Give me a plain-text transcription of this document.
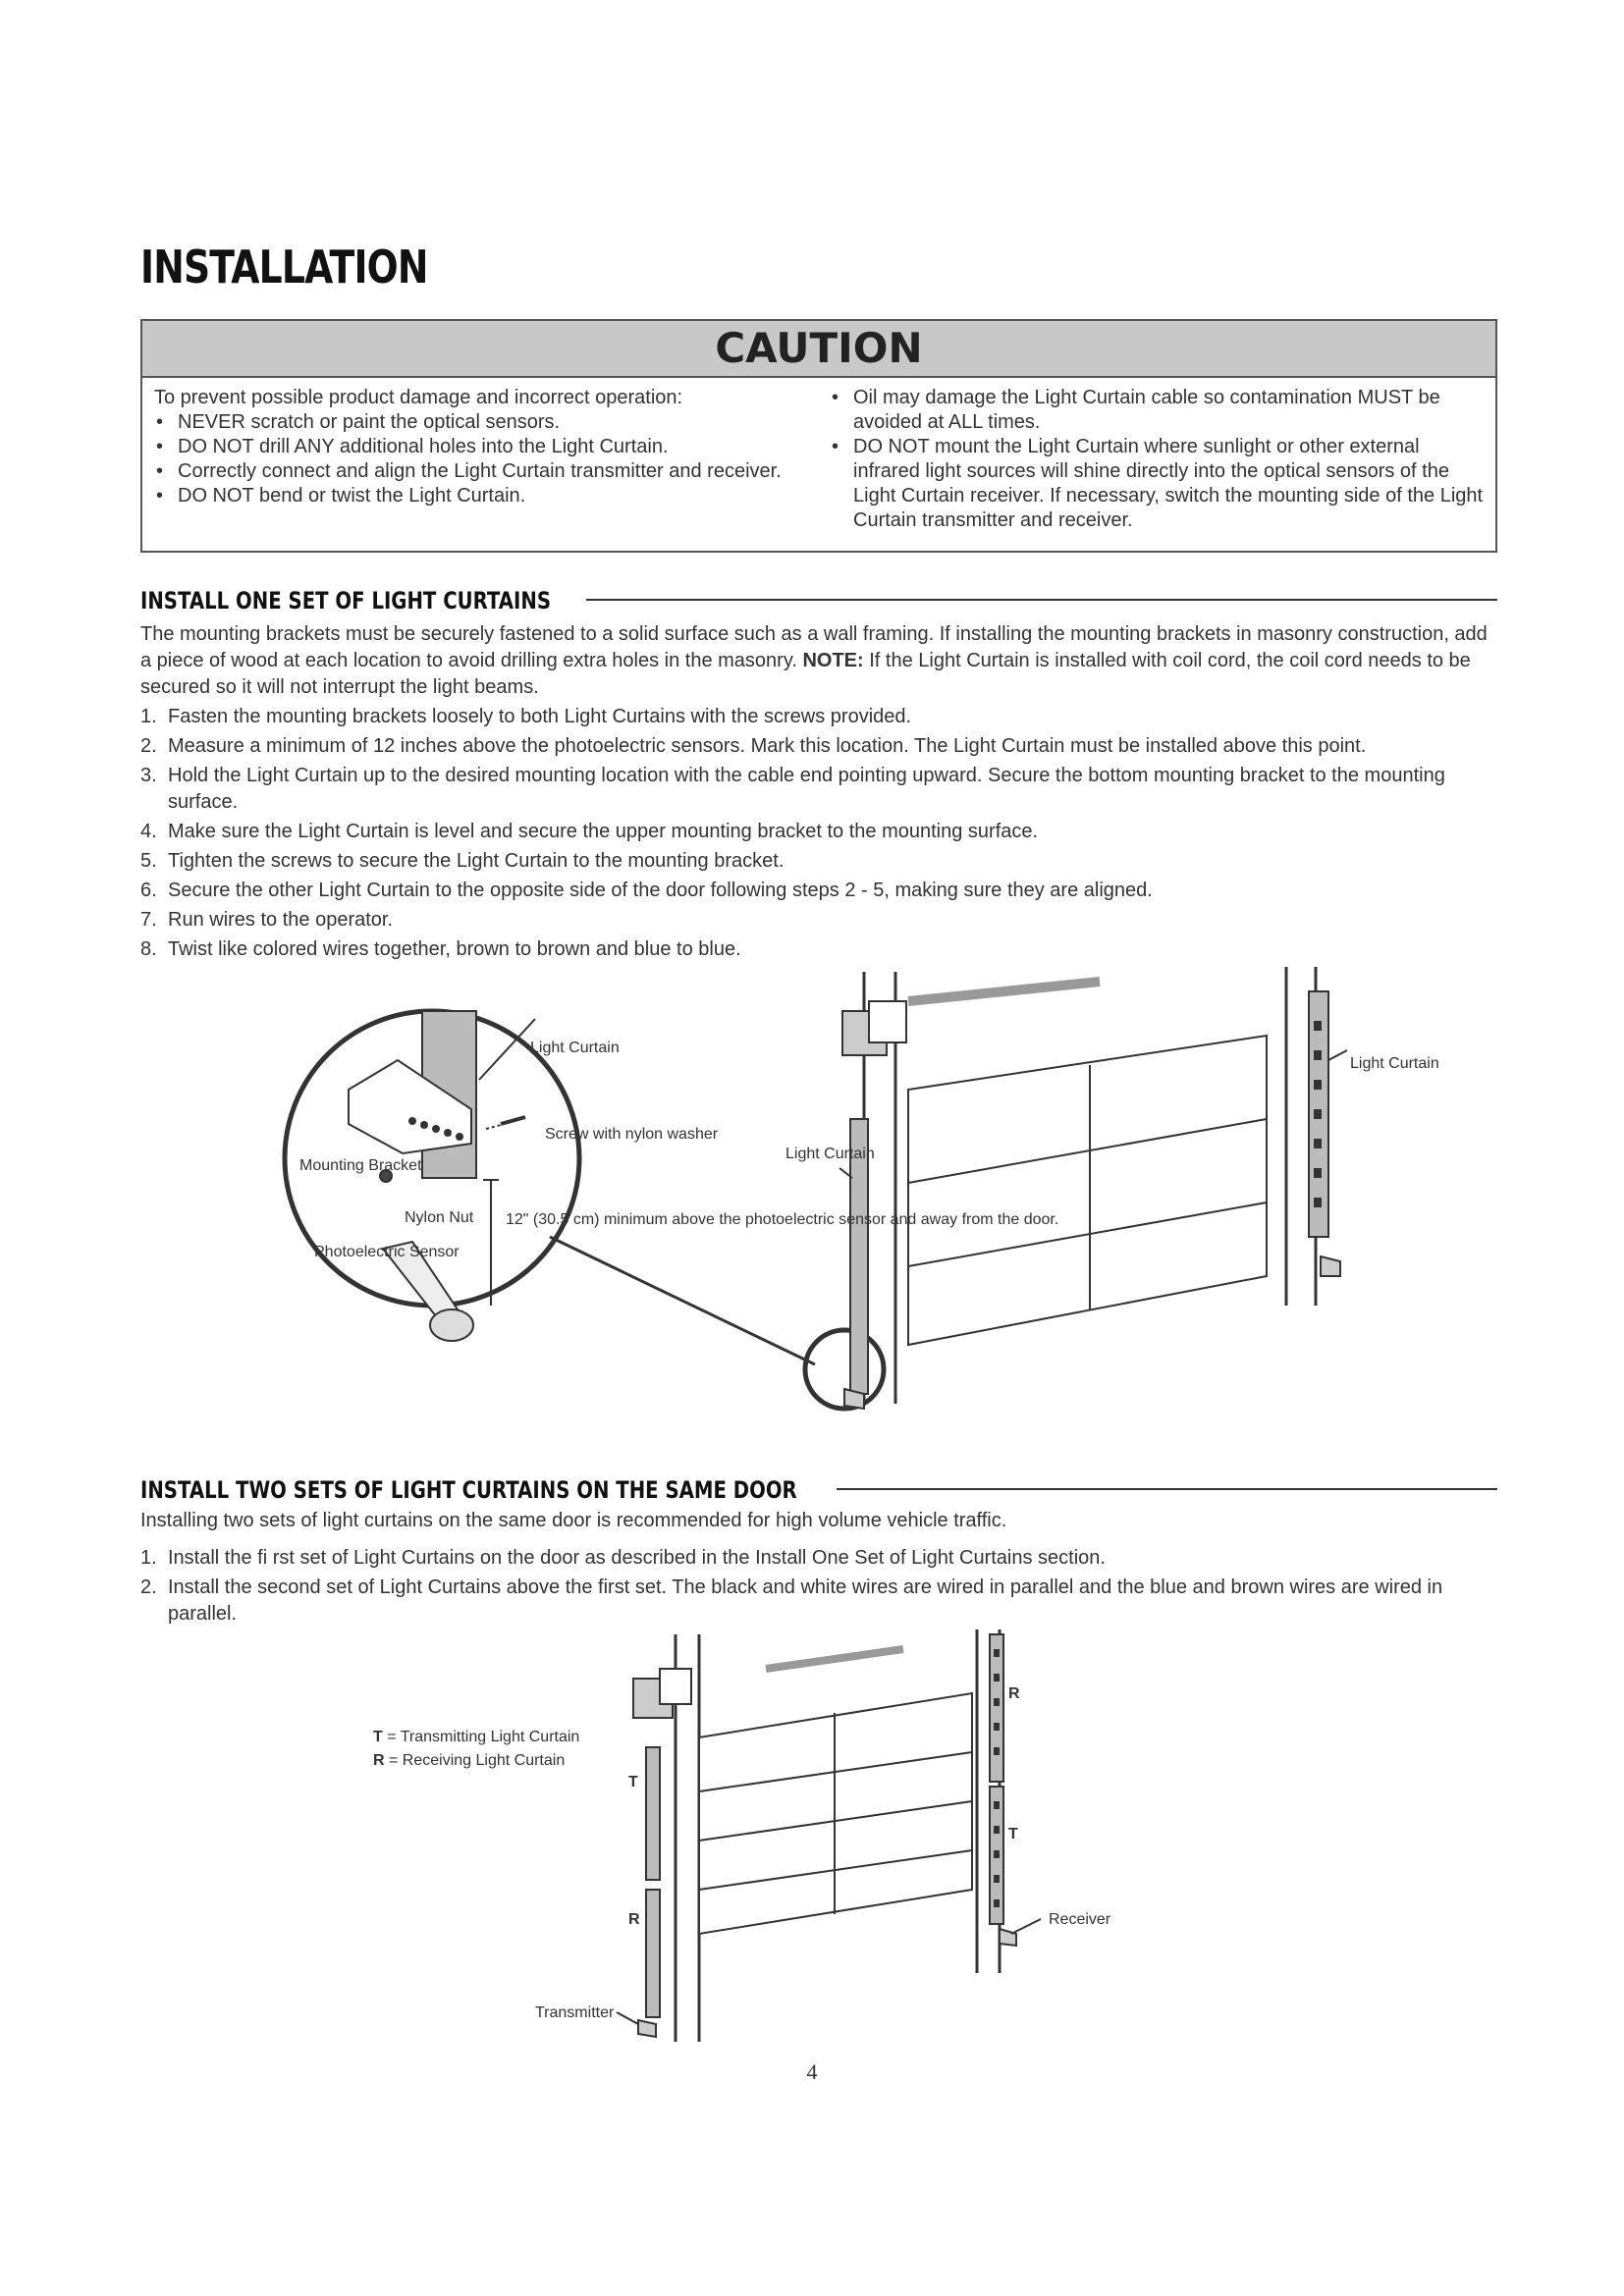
INSTALLATION
CAUTION
To prevent possible product damage and incorrect operation:
• NEVER scratch or paint the optical sensors.
• DO NOT drill ANY additional holes into the Light Curtain.
• Correctly connect and align the Light Curtain transmitter and receiver.
• DO NOT bend or twist the Light Curtain.
• Oil may damage the Light Curtain cable so contamination MUST be avoided at ALL times.
• DO NOT mount the Light Curtain where sunlight or other external infrared light sources will shine directly into the optical sensors of the Light Curtain receiver. If necessary, switch the mounting side of the Light Curtain transmitter and receiver.
INSTALL ONE SET OF LIGHT CURTAINS
The mounting brackets must be securely fastened to a solid surface such as a wall framing. If installing the mounting brackets in masonry construction, add a piece of wood at each location to avoid drilling extra holes in the masonry. NOTE: If the Light Curtain is installed with coil cord, the coil cord needs to be secured so it will not interrupt the light beams.
1. Fasten the mounting brackets loosely to both Light Curtains with the screws provided.
2. Measure a minimum of 12 inches above the photoelectric sensors. Mark this location. The Light Curtain must be installed above this point.
3. Hold the Light Curtain up to the desired mounting location with the cable end pointing upward. Secure the bottom mounting bracket to the mounting surface.
4. Make sure the Light Curtain is level and secure the upper mounting bracket to the mounting surface.
5. Tighten the screws to secure the Light Curtain to the mounting bracket.
6. Secure the other Light Curtain to the opposite side of the door following steps 2 - 5, making sure they are aligned.
7. Run wires to the operator.
8. Twist like colored wires together, brown to brown and blue to blue.
Light Curtain
Screw with nylon washer
Mounting Bracket
Nylon Nut 12" (30.5 cm) minimum above the photoelectric sensor and away from the door.
Photoelectric Sensor
Light Curtain
Light Curtain
INSTALL TWO SETS OF LIGHT CURTAINS ON THE SAME DOOR
Installing two sets of light curtains on the same door is recommended for high volume vehicle traffic.
1. Install the fi rst set of Light Curtains on the door as described in the Install One Set of Light Curtains section.
2. Install the second set of Light Curtains above the first set. The black and white wires are wired in parallel and the blue and brown wires are wired in parallel.
T = Transmitting Light Curtain
R = Receiving Light Curtain
T
R
R
T
Receiver
Transmitter
4
